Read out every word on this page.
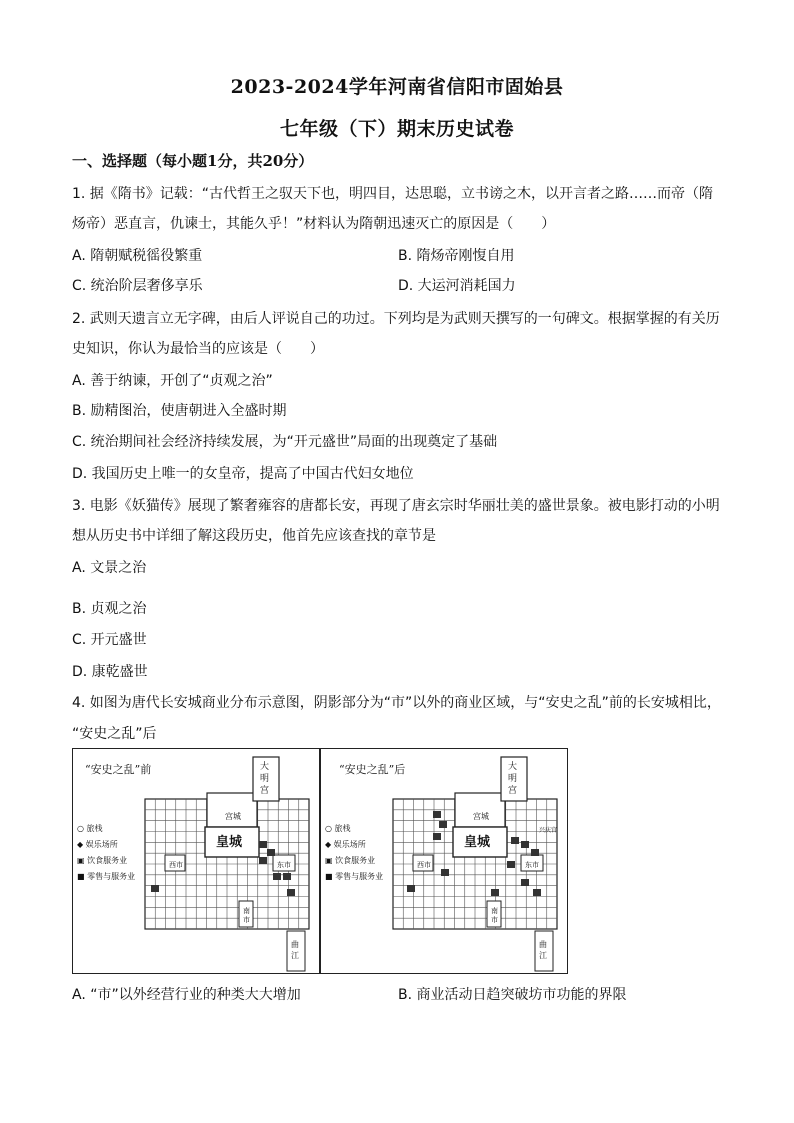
2023-2024学年河南省信阳市固始县
七年级（下）期末历史试卷
一、选择题（每小题1分，共20分）
1. 据《隋书》记载：“古代哲王之驭天下也，明四目，达思聪，立书谤之木，以开言者之路……而帝（隋
炀帝）恶直言，仇谏士，其能久乎！”材料认为隋朝迅速灭亡的原因是（　　）
A. 隋朝赋税徭役繁重	B. 隋炀帝刚愎自用
C. 统治阶层奢侈享乐	D. 大运河消耗国力
2. 武则天遗言立无字碑，由后人评说自己的功过。下列均是为武则天撰写的一句碑文。根据掌握的有关历
史知识，你认为最恰当的应该是（　　）
A. 善于纳谏，开创了“贞观之治”
B. 励精图治，使唐朝进入全盛时期
C. 统治期间社会经济持续发展，为“开元盛世”局面的出现奠定了基础
D. 我国历史上唯一的女皇帝，提高了中国古代妇女地位
3. 电影《妖猫传》展现了繁奢雍容的唐都长安，再现了唐玄宗时华丽壮美的盛世景象。被电影打动的小明
想从历史书中详细了解这段历史，他首先应该查找的章节是
A. 文景之治
B. 贞观之治
C. 开元盛世
D. 康乾盛世
4. 如图为唐代长安城商业分布示意图，阴影部分为“市”以外的商业区域，与“安史之乱”前的长安城相比，
“安史之乱”后
“安史之乱”前
○ 旅栈
◆ 娱乐场所
▣ 饮食服务业
■ 零售与服务业
皇城
宫城
大明宫
西市	东市
南市
曲江
“安史之乱”后
○ 旅栈
◆ 娱乐场所
▣ 饮食服务业
■ 零售与服务业
皇城
宫城
大明宫
西市	东市
兴庆宫
南市
曲江
A. “市”以外经营行业的种类大大增加	B. 商业活动日趋突破坊市功能的界限
